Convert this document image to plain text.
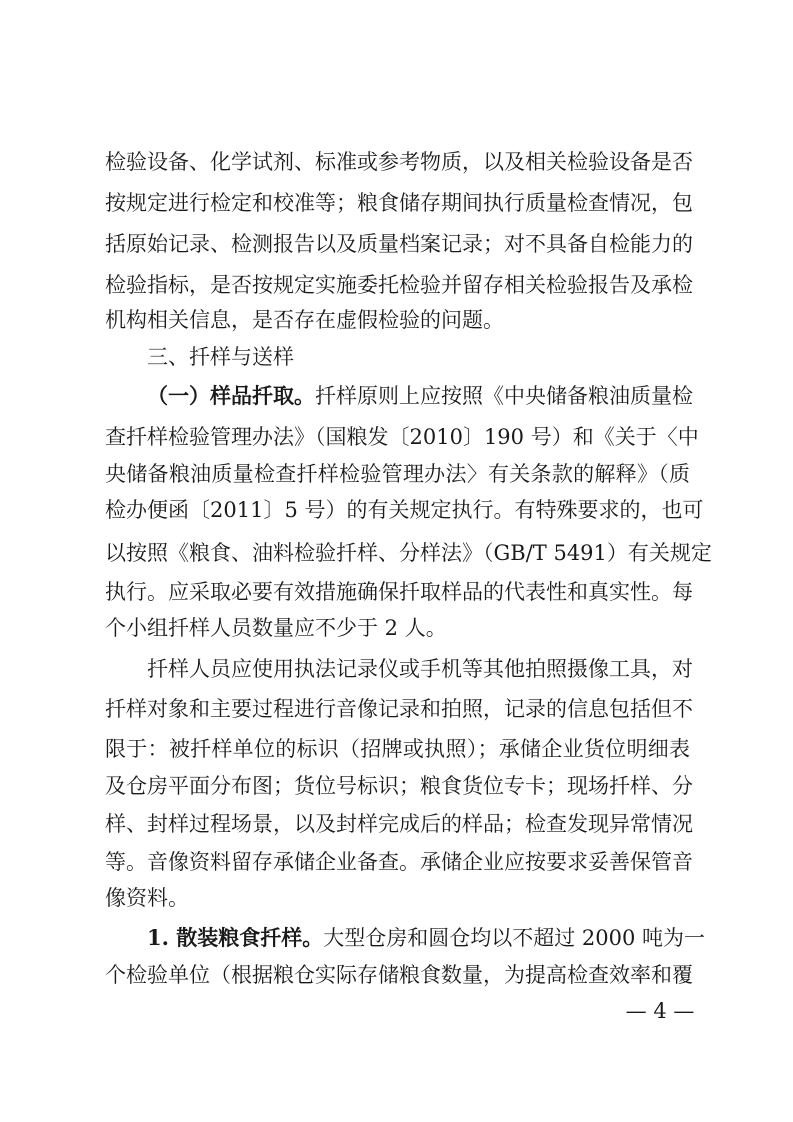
检验设备、化学试剂、标准或参考物质，以及相关检验设备是否
按规定进行检定和校准等；粮食储存期间执行质量检查情况，包
括原始记录、检测报告以及质量档案记录；对不具备自检能力的
检验指标，是否按规定实施委托检验并留存相关检验报告及承检
机构相关信息，是否存在虚假检验的问题。
三、扦样与送样
（一）样品扦取。扦样原则上应按照《中央储备粮油质量检
查扦样检验管理办法》（国粮发〔2010〕190 号）和《关于〈中
央储备粮油质量检查扦样检验管理办法〉有关条款的解释》（质
检办便函〔2011〕5 号）的有关规定执行。有特殊要求的，也可
以按照《粮食、油料检验扦样、分样法》（GB/T 5491）有关规定
执行。应采取必要有效措施确保扦取样品的代表性和真实性。每
个小组扦样人员数量应不少于 2 人。
扦样人员应使用执法记录仪或手机等其他拍照摄像工具，对
扦样对象和主要过程进行音像记录和拍照，记录的信息包括但不
限于：被扦样单位的标识（招牌或执照）；承储企业货位明细表
及仓房平面分布图；货位号标识；粮食货位专卡；现场扦样、分
样、封样过程场景，以及封样完成后的样品；检查发现异常情况
等。音像资料留存承储企业备查。承储企业应按要求妥善保管音
像资料。
1. 散装粮食扦样。大型仓房和圆仓均以不超过 2000 吨为一
个检验单位（根据粮仓实际存储粮食数量，为提高检查效率和覆
— 4 —
